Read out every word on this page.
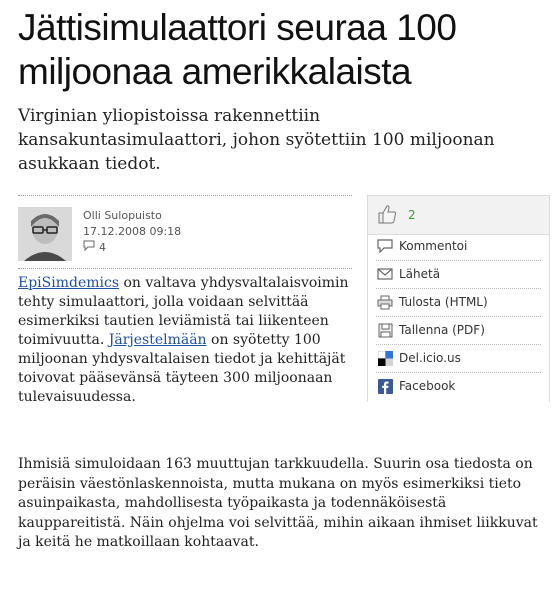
Jättisimulaattori seuraa 100 miljoonaa amerikkalaista

Virginian yliopistoissa rakennettiin kansakuntasimulaattori, johon syötettiin 100 miljoonan asukkaan tiedot.

Olli Sulopuisto
17.12.2008 09:18
4

EpiSimdemics on valtava yhdysvaltalaisvoimin tehty simulaattori, jolla voidaan selvittää esimerkiksi tautien leviämistä tai liikenteen toimivuutta. Järjestelmään on syötetty 100 miljoonan yhdysvaltalaisen tiedot ja kehittäjät toivovat pääsevänsä täyteen 300 miljoonaan tulevaisuudessa.

Ihmisiä simuloidaan 163 muuttujan tarkkuudella. Suurin osa tiedosta on peräisin väestönlaskennoista, mutta mukana on myös esimerkiksi tieto asuinpaikasta, mahdollisesta työpaikasta ja todennäköisestä kauppareitistä. Näin ohjelma voi selvittää, mihin aikaan ihmiset liikkuvat ja keitä he matkoillaan kohtaavat.

2
Kommentoi
Lähetä
Tulosta (HTML)
Tallenna (PDF)
Del.icio.us
Facebook
